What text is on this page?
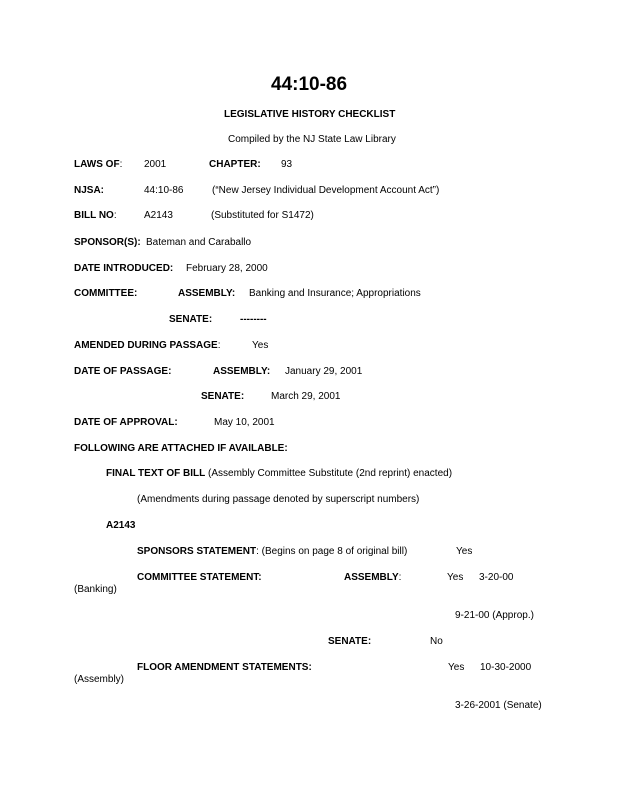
44:10-86
LEGISLATIVE HISTORY CHECKLIST
Compiled by the NJ State Law Library
LAWS OF: 2001	CHAPTER: 93
NJSA:	44:10-86	(“New Jersey Individual Development Account Act”)
BILL NO:	A2143	(Substituted for S1472)
SPONSOR(S): Bateman and Caraballo
DATE INTRODUCED: February 28, 2000
COMMITTEE:	ASSEMBLY: Banking and Insurance; Appropriations
SENATE:	--------
AMENDED DURING PASSAGE:	Yes
DATE OF PASSAGE:	ASSEMBLY: January 29, 2001
SENATE:	March 29, 2001
DATE OF APPROVAL:	May 10, 2001
FOLLOWING ARE ATTACHED IF AVAILABLE:
FINAL TEXT OF BILL (Assembly Committee Substitute (2nd reprint) enacted)
(Amendments during passage denoted by superscript numbers)
A2143
SPONSORS STATEMENT: (Begins on page 8 of original bill)	Yes
COMMITTEE STATEMENT:	ASSEMBLY:	Yes 3-20-00
(Banking)
9-21-00 (Approp.)
SENATE:	No
FLOOR AMENDMENT STATEMENTS:	Yes 10-30-2000
(Assembly)
3-26-2001 (Senate)
